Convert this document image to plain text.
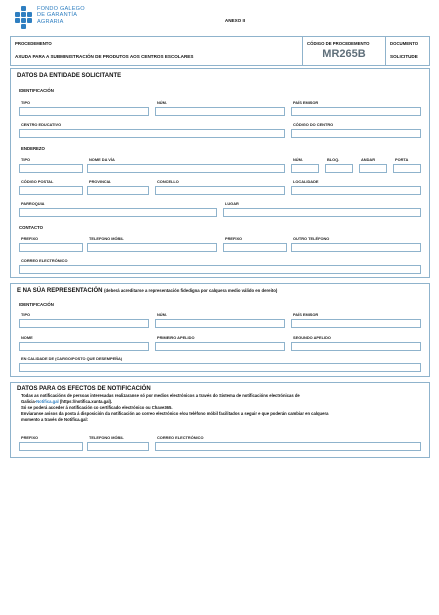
FONDO GALEGO
DE GARANTÍA
AGRARIA	ANEXO II
PROCEDEMENTO
AXUDA PARA A SUBMINISTRACIÓN DE PRODUTOS AOS CENTROS ESCOLARES
CÓDIGO DE PROCEDEMENTO
MR265B
DOCUMENTO
SOLICITUDE
DATOS DA ENTIDADE SOLICITANTE
IDENTIFICACIÓN
TIPO	NÚM.	PAÍS EMISOR
CENTRO EDUCATIVO	CÓDIGO DO CENTRO
ENDEREZO
TIPO	NOME DA VÍA	NÚM.	BLOQ.	ANDAR	PORTA
CÓDIGO POSTAL	PROVINCIA	CONCELLO	LOCALIDADE
PARROQUIA	LUGAR
CONTACTO
PREFIXO	TELEFONO MÓBIL	PREFIXO	OUTRO TELÉFONO
CORREO ELECTRÓNICO
E NA SÚA REPRESENTACIÓN (deberá acreditarse a representación fidedigna por calquera medio válido en dereito)
IDENTIFICACIÓN
TIPO	NÚM.	PAÍS EMISOR
NOME	PRIMEIRO APELIDO	SEGUNDO APELIDO
EN CALIDADE DE (CARGO/POSTO QUE DESEMPEÑA)
DATOS PARA OS EFECTOS DE NOTIFICACIÓN
Todas as notificacións de persoas interesadas realizaranse só por medios electrónicos a través do Sistema de notificacións electrónicas de
Galicia-Notifica.gal (https://notifica.xunta.gal).
Só se poderá acceder á notificación co certificado electrónico ou Chave365.
Enviaranse avisos da posta á disposición da notificación ao correo electrónico e/ou teléfono móbil facilitados a seguir e que poderán cambiar en calquera
momento a través de Notifica.gal:
PREFIXO	TELEFONO MÓBIL	CORREO ELECTRÓNICO
